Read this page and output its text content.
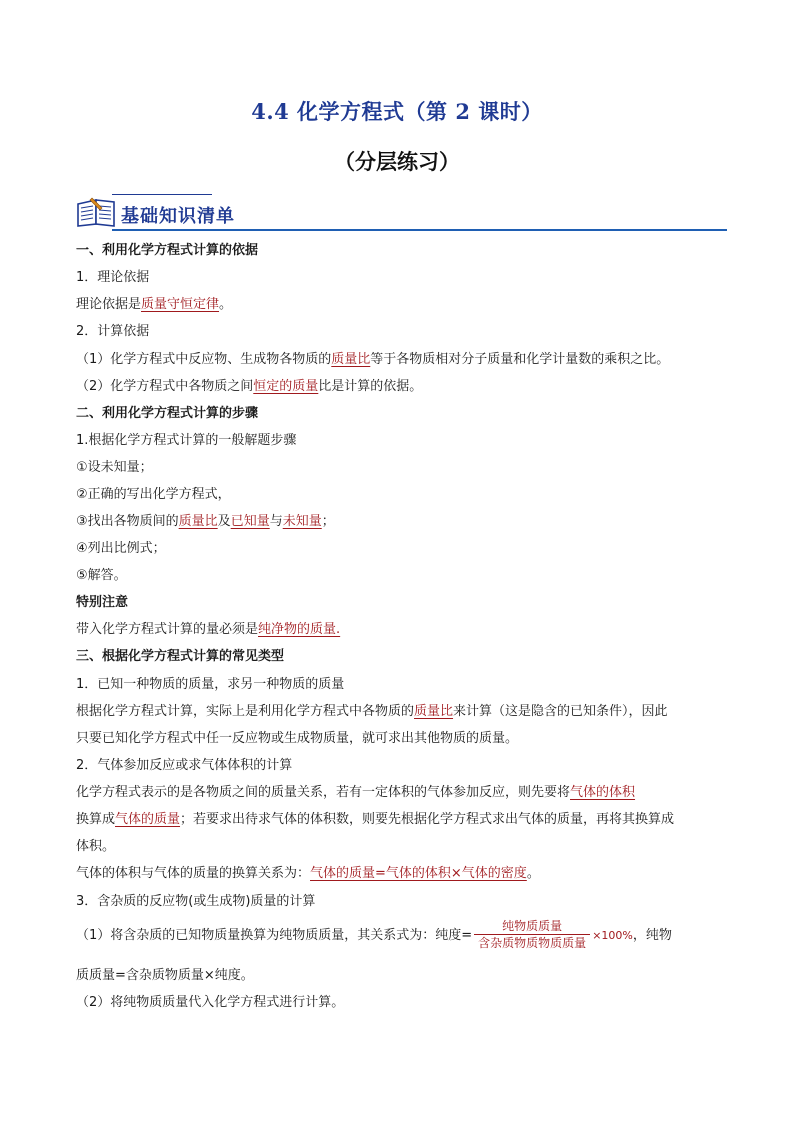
4.4 化学方程式（第 2 课时）
（分层练习）
基础知识清单
一、利用化学方程式计算的依据
1．理论依据
理论依据是质量守恒定律。
2．计算依据
（1）化学方程式中反应物、生成物各物质的质量比等于各物质相对分子质量和化学计量数的乘积之比。
（2）化学方程式中各物质之间恒定的质量比是计算的依据。
二、利用化学方程式计算的步骤
1.根据化学方程式计算的一般解题步骤
①设未知量；
②正确的写出化学方程式，
③找出各物质间的质量比及已知量与未知量；
④列出比例式；
⑤解答。
特别注意
带入化学方程式计算的量必须是纯净物的质量.
三、根据化学方程式计算的常见类型
1．已知一种物质的质量，求另一种物质的质量
根据化学方程式计算，实际上是利用化学方程式中各物质的质量比来计算（这是隐含的已知条件），因此
只要已知化学方程式中任一反应物或生成物质量，就可求出其他物质的质量。
2．气体参加反应或求气体体积的计算
化学方程式表示的是各物质之间的质量关系，若有一定体积的气体参加反应，则先要将气体的体积
换算成气体的质量；若要求出待求气体的体积数，则要先根据化学方程式求出气体的质量，再将其换算成
体积。
气体的体积与气体的质量的换算关系为：气体的质量=气体的体积×气体的密度。
3．含杂质的反应物(或生成物)质量的计算
（1）将含杂质的已知物质量换算为纯物质质量，其关系式为：纯度= $\frac{\text{纯物质质量}}{\text{含杂质物质物质质量}} \times 100\%$，纯物
质质量=含杂质物质量×纯度。
（2）将纯物质质量代入化学方程式进行计算。
